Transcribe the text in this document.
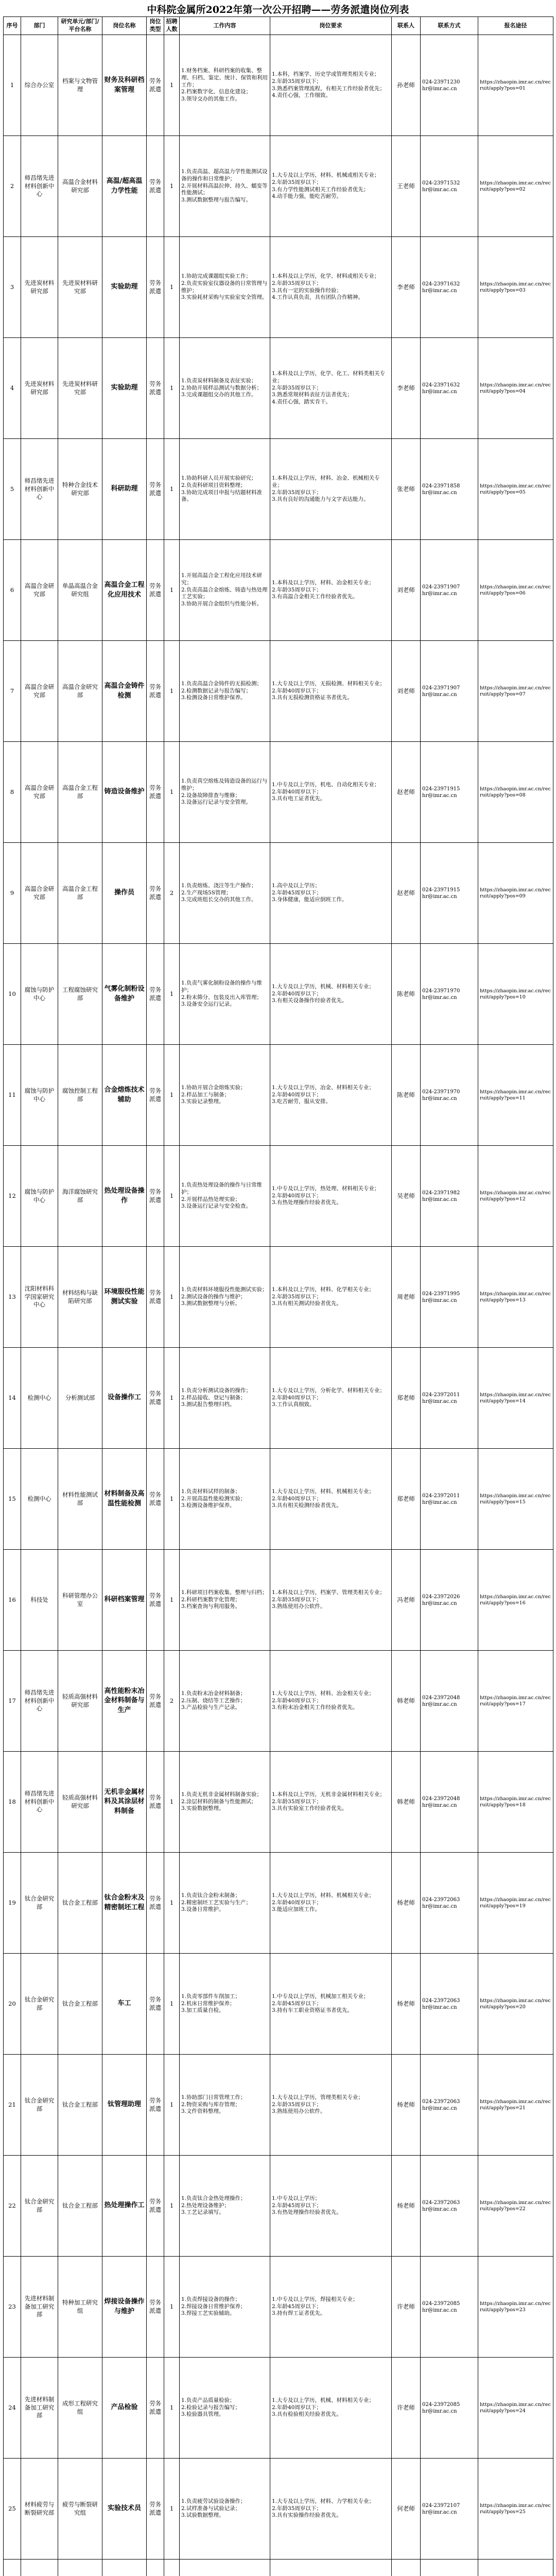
中科院金属所2022年第一次公开招聘——劳务派遣岗位列表
序号	部门	研究单元/部门/
平台名称	岗位名称	岗位
类型	招聘
人数	工作内容	岗位要求	联系人	联系方式	报名途径
1	综合办公室	档案与文物管理	财务及科研档案管理	劳务
派遣	1	1.财务档案、科研档案的收集、整理、归档、鉴定、统计、保管和利用工作；
2.档案数字化、信息化建设；
3.领导交办的其他工作。	1.本科，档案学、历史学或管理类相关专业；
2.年龄35周岁以下；
3.熟悉档案管理流程，有相关工作经验者优先；
4.责任心强，工作细致。	孙老师	024-23971230
hr@imr.ac.cn	https://zhaopin.imr.ac.cn/recruit/apply?pos=01
2	师昌绪先进材料创新中心	高温合金材料研究部	高温/超高温力学性能	劳务
派遣	1	1.负责高温、超高温力学性能测试设备的操作和日常维护；
2.开展材料高温拉伸、持久、蠕变等性能测试；
3.测试数据整理与报告编写。	1.大专及以上学历，材料、机械或相关专业；
2.年龄35周岁以下；
3.有力学性能测试相关工作经验者优先；
4.动手能力强，能吃苦耐劳。	王老师	024-23971532
hr@imr.ac.cn	https://zhaopin.imr.ac.cn/recruit/apply?pos=02
3	先进炭材料研究部	先进炭材料研究部	实验助理	劳务
派遣	1	1.协助完成课题组实验工作；
2.负责实验室仪器设备的日常管理与维护；
3.实验耗材采购与实验室安全管理。	1.本科及以上学历，化学、材料或相关专业；
2.年龄35周岁以下；
3.具有一定的实验操作经验；
4.工作认真负责，具有团队合作精神。	李老师	024-23971632
hr@imr.ac.cn	https://zhaopin.imr.ac.cn/recruit/apply?pos=03
4	先进炭材料研究部	先进炭材料研究部	实验助理	劳务
派遣	1	1.负责炭材料制备及表征实验；
2.协助开展样品测试与数据分析；
3.完成课题组交办的其他工作。	1.本科及以上学历，化学、化工、材料类相关专业；
2.年龄35周岁以下；
3.熟悉常规材料表征方法者优先；
4.责任心强，踏实肯干。	李老师	024-23971632
hr@imr.ac.cn	https://zhaopin.imr.ac.cn/recruit/apply?pos=04
5	师昌绪先进材料创新中心	特种合金技术研究部	科研助理	劳务
派遣	1	1.协助科研人员开展实验研究；
2.负责科研项目资料整理；
3.协助完成项目申报与结题材料准备。	1.本科及以上学历，材料、冶金、机械相关专业；
2.年龄35周岁以下；
3.具有良好的沟通能力与文字表达能力。	张老师	024-23971858
hr@imr.ac.cn	https://zhaopin.imr.ac.cn/recruit/apply?pos=05
6	高温合金研究部	单晶高温合金研究组	高温合金工程化应用技术	劳务
派遣	1	1.开展高温合金工程化应用技术研究；
2.负责高温合金熔炼、铸造与热处理工艺实验；
3.协助开展合金组织与性能分析。	1.本科及以上学历，材料、冶金相关专业；
2.年龄35周岁以下；
3.有高温合金相关工作经验者优先。	刘老师	024-23971907
hr@imr.ac.cn	https://zhaopin.imr.ac.cn/recruit/apply?pos=06
7	高温合金研究部	高温合金研究部	高温合金铸件检测	劳务
派遣	1	1.负责高温合金铸件的无损检测；
2.检测数据记录与报告编写；
3.检测设备日常维护保养。	1.大专及以上学历，无损检测、材料相关专业；
2.年龄40周岁以下；
3.具有无损检测资格证书者优先。	刘老师	024-23971907
hr@imr.ac.cn	https://zhaopin.imr.ac.cn/recruit/apply?pos=07
8	高温合金研究部	高温合金工程部	铸造设备维护	劳务
派遣	1	1.负责真空熔炼及铸造设备的运行与维护；
2.设备故障排查与维修；
3.设备运行记录与安全管理。	1.中专及以上学历，机电、自动化相关专业；
2.年龄40周岁以下；
3.具有电工证者优先。	赵老师	024-23971915
hr@imr.ac.cn	https://zhaopin.imr.ac.cn/recruit/apply?pos=08
9	高温合金研究部	高温合金工程部	操作员	劳务
派遣	2	1.负责熔炼、浇注等生产操作；
2.生产现场5S管理；
3.完成班组长交办的其他工作。	1.高中及以上学历；
2.年龄45周岁以下；
3.身体健康，能适应倒班工作。	赵老师	024-23971915
hr@imr.ac.cn	https://zhaopin.imr.ac.cn/recruit/apply?pos=09
10	腐蚀与防护中心	工程腐蚀研究部	气雾化制粉设备维护	劳务
派遣	1	1.负责气雾化制粉设备的操作与维护；
2.粉末筛分、包装及出入库管理；
3.设备安全运行记录。	1.大专及以上学历，机械、材料相关专业；
2.年龄40周岁以下；
3.有相关设备操作经验者优先。	陈老师	024-23971970
hr@imr.ac.cn	https://zhaopin.imr.ac.cn/recruit/apply?pos=10
11	腐蚀与防护中心	腐蚀控制工程部	合金熔炼技术辅助	劳务
派遣	1	1.协助开展合金熔炼实验；
2.样品加工与制备；
3.实验记录整理。	1.大专及以上学历，冶金、材料相关专业；
2.年龄40周岁以下；
3.吃苦耐劳，服从安排。	陈老师	024-23971970
hr@imr.ac.cn	https://zhaopin.imr.ac.cn/recruit/apply?pos=11
12	腐蚀与防护中心	海洋腐蚀研究部	热处理设备操作	劳务
派遣	1	1.负责热处理设备的操作与日常维护；
2.开展样品热处理实验；
3.设备运行记录与安全检查。	1.中专及以上学历，热处理、材料相关专业；
2.年龄40周岁以下；
3.有热处理操作经验者优先。	吴老师	024-23971982
hr@imr.ac.cn	https://zhaopin.imr.ac.cn/recruit/apply?pos=12
13	沈阳材料科学国家研究中心	材料结构与缺陷研究部	环境服役性能测试实验	劳务
派遣	1	1.负责材料环境服役性能测试实验；
2.测试设备的操作与维护；
3.测试数据整理与分析。	1.本科及以上学历，材料、化学相关专业；
2.年龄35周岁以下；
3.具有相关测试经验者优先。	周老师	024-23971995
hr@imr.ac.cn	https://zhaopin.imr.ac.cn/recruit/apply?pos=13
14	检测中心	分析测试部	设备操作工	劳务
派遣	1	1.负责分析测试设备的操作；
2.样品接收、登记与制备；
3.测试报告整理归档。	1.大专及以上学历，分析化学、材料相关专业；
2.年龄40周岁以下；
3.工作认真细致。	郑老师	024-23972011
hr@imr.ac.cn	https://zhaopin.imr.ac.cn/recruit/apply?pos=14
15	检测中心	材料性能测试部	材料制备及高温性能检测	劳务
派遣	1	1.负责材料试样的制备；
2.开展高温性能检测实验；
3.检测设备维护保养。	1.大专及以上学历，材料、机械相关专业；
2.年龄40周岁以下；
3.具有相关检测经验者优先。	郑老师	024-23972011
hr@imr.ac.cn	https://zhaopin.imr.ac.cn/recruit/apply?pos=15
16	科技处	科研管理办公室	科研档案管理	劳务
派遣	1	1.科研项目档案收集、整理与归档；
2.科研档案数字化管理；
3.档案查询与利用服务。	1.本科及以上学历，档案学、管理类相关专业；
2.年龄35周岁以下；
3.熟练使用办公软件。	冯老师	024-23972026
hr@imr.ac.cn	https://zhaopin.imr.ac.cn/recruit/apply?pos=16
17	师昌绪先进材料创新中心	轻质高强材料研究部	高性能粉末冶金材料制备与生产	劳务
派遣	2	1.负责粉末冶金材料制备；
2.压制、烧结等工艺操作；
3.产品检验与生产记录。	1.大专及以上学历，材料、冶金相关专业；
2.年龄40周岁以下；
3.有粉末冶金相关工作经验者优先。	韩老师	024-23972048
hr@imr.ac.cn	https://zhaopin.imr.ac.cn/recruit/apply?pos=17
18	师昌绪先进材料创新中心	轻质高强材料研究部	无机非金属材料及其涂层材料制备	劳务
派遣	1	1.负责无机非金属材料制备实验；
2.涂层材料的制备与性能测试；
3.实验数据整理。	1.本科及以上学历，无机非金属材料相关专业；
2.年龄35周岁以下；
3.具有实验室工作经验者优先。	韩老师	024-23972048
hr@imr.ac.cn	https://zhaopin.imr.ac.cn/recruit/apply?pos=18
19	钛合金研究部	钛合金工程部	钛合金粉末及精密制坯工程	劳务
派遣	1	1.负责钛合金粉末制备；
2.精密制坯工艺实验与生产；
3.设备日常维护。	1.大专及以上学历，材料、机械相关专业；
2.年龄40周岁以下；
3.能适应加班工作。	杨老师	024-23972063
hr@imr.ac.cn	https://zhaopin.imr.ac.cn/recruit/apply?pos=19
20	钛合金研究部	钛合金工程部	车工	劳务
派遣	1	1.负责零部件车削加工；
2.机床日常维护保养；
3.加工质量自检。	1.中专及以上学历，机械加工相关专业；
2.年龄45周岁以下；
3.持有车工职业资格证书者优先。	杨老师	024-23972063
hr@imr.ac.cn	https://zhaopin.imr.ac.cn/recruit/apply?pos=20
21	钛合金研究部	钛合金工程部	钛管理助理	劳务
派遣	1	1.协助部门日常管理工作；
2.物资采购与库存管理；
3.文件资料整理。	1.大专及以上学历，管理类相关专业；
2.年龄35周岁以下；
3.熟练使用办公软件。	杨老师	024-23972063
hr@imr.ac.cn	https://zhaopin.imr.ac.cn/recruit/apply?pos=21
22	钛合金研究部	钛合金工程部	热处理操作工	劳务
派遣	1	1.负责钛合金热处理操作；
2.热处理设备维护；
3.工艺记录填写。	1.中专及以上学历；
2.年龄45周岁以下；
3.有热处理操作经验者优先。	杨老师	024-23972063
hr@imr.ac.cn	https://zhaopin.imr.ac.cn/recruit/apply?pos=22
23	先进材料制备加工研究部	特种加工研究组	焊接设备操作与维护	劳务
派遣	1	1.负责焊接设备的操作；
2.焊接设备日常维护保养；
3.焊接工艺实验辅助。	1.中专及以上学历，焊接相关专业；
2.年龄45周岁以下；
3.持有焊工证者优先。	许老师	024-23972085
hr@imr.ac.cn	https://zhaopin.imr.ac.cn/recruit/apply?pos=23
24	先进材料制备加工研究部	成形工程研究组	产品检验	劳务
派遣	1	1.负责产品质量检验；
2.检验记录与报告编写；
3.检验器具管理。	1.大专及以上学历，机械、材料相关专业；
2.年龄40周岁以下；
3.具有检验相关经验者优先。	许老师	024-23972085
hr@imr.ac.cn	https://zhaopin.imr.ac.cn/recruit/apply?pos=24
25	材料疲劳与断裂研究部	疲劳与断裂研究组	实验技术员	劳务
派遣	1	1.负责疲劳试验设备操作；
2.试样准备与试验记录；
3.试验数据整理。	1.大专及以上学历，材料、力学相关专业；
2.年龄35周岁以下；
3.具有实验操作经验者优先。	何老师	024-23972107
hr@imr.ac.cn	https://zhaopin.imr.ac.cn/recruit/apply?pos=25
